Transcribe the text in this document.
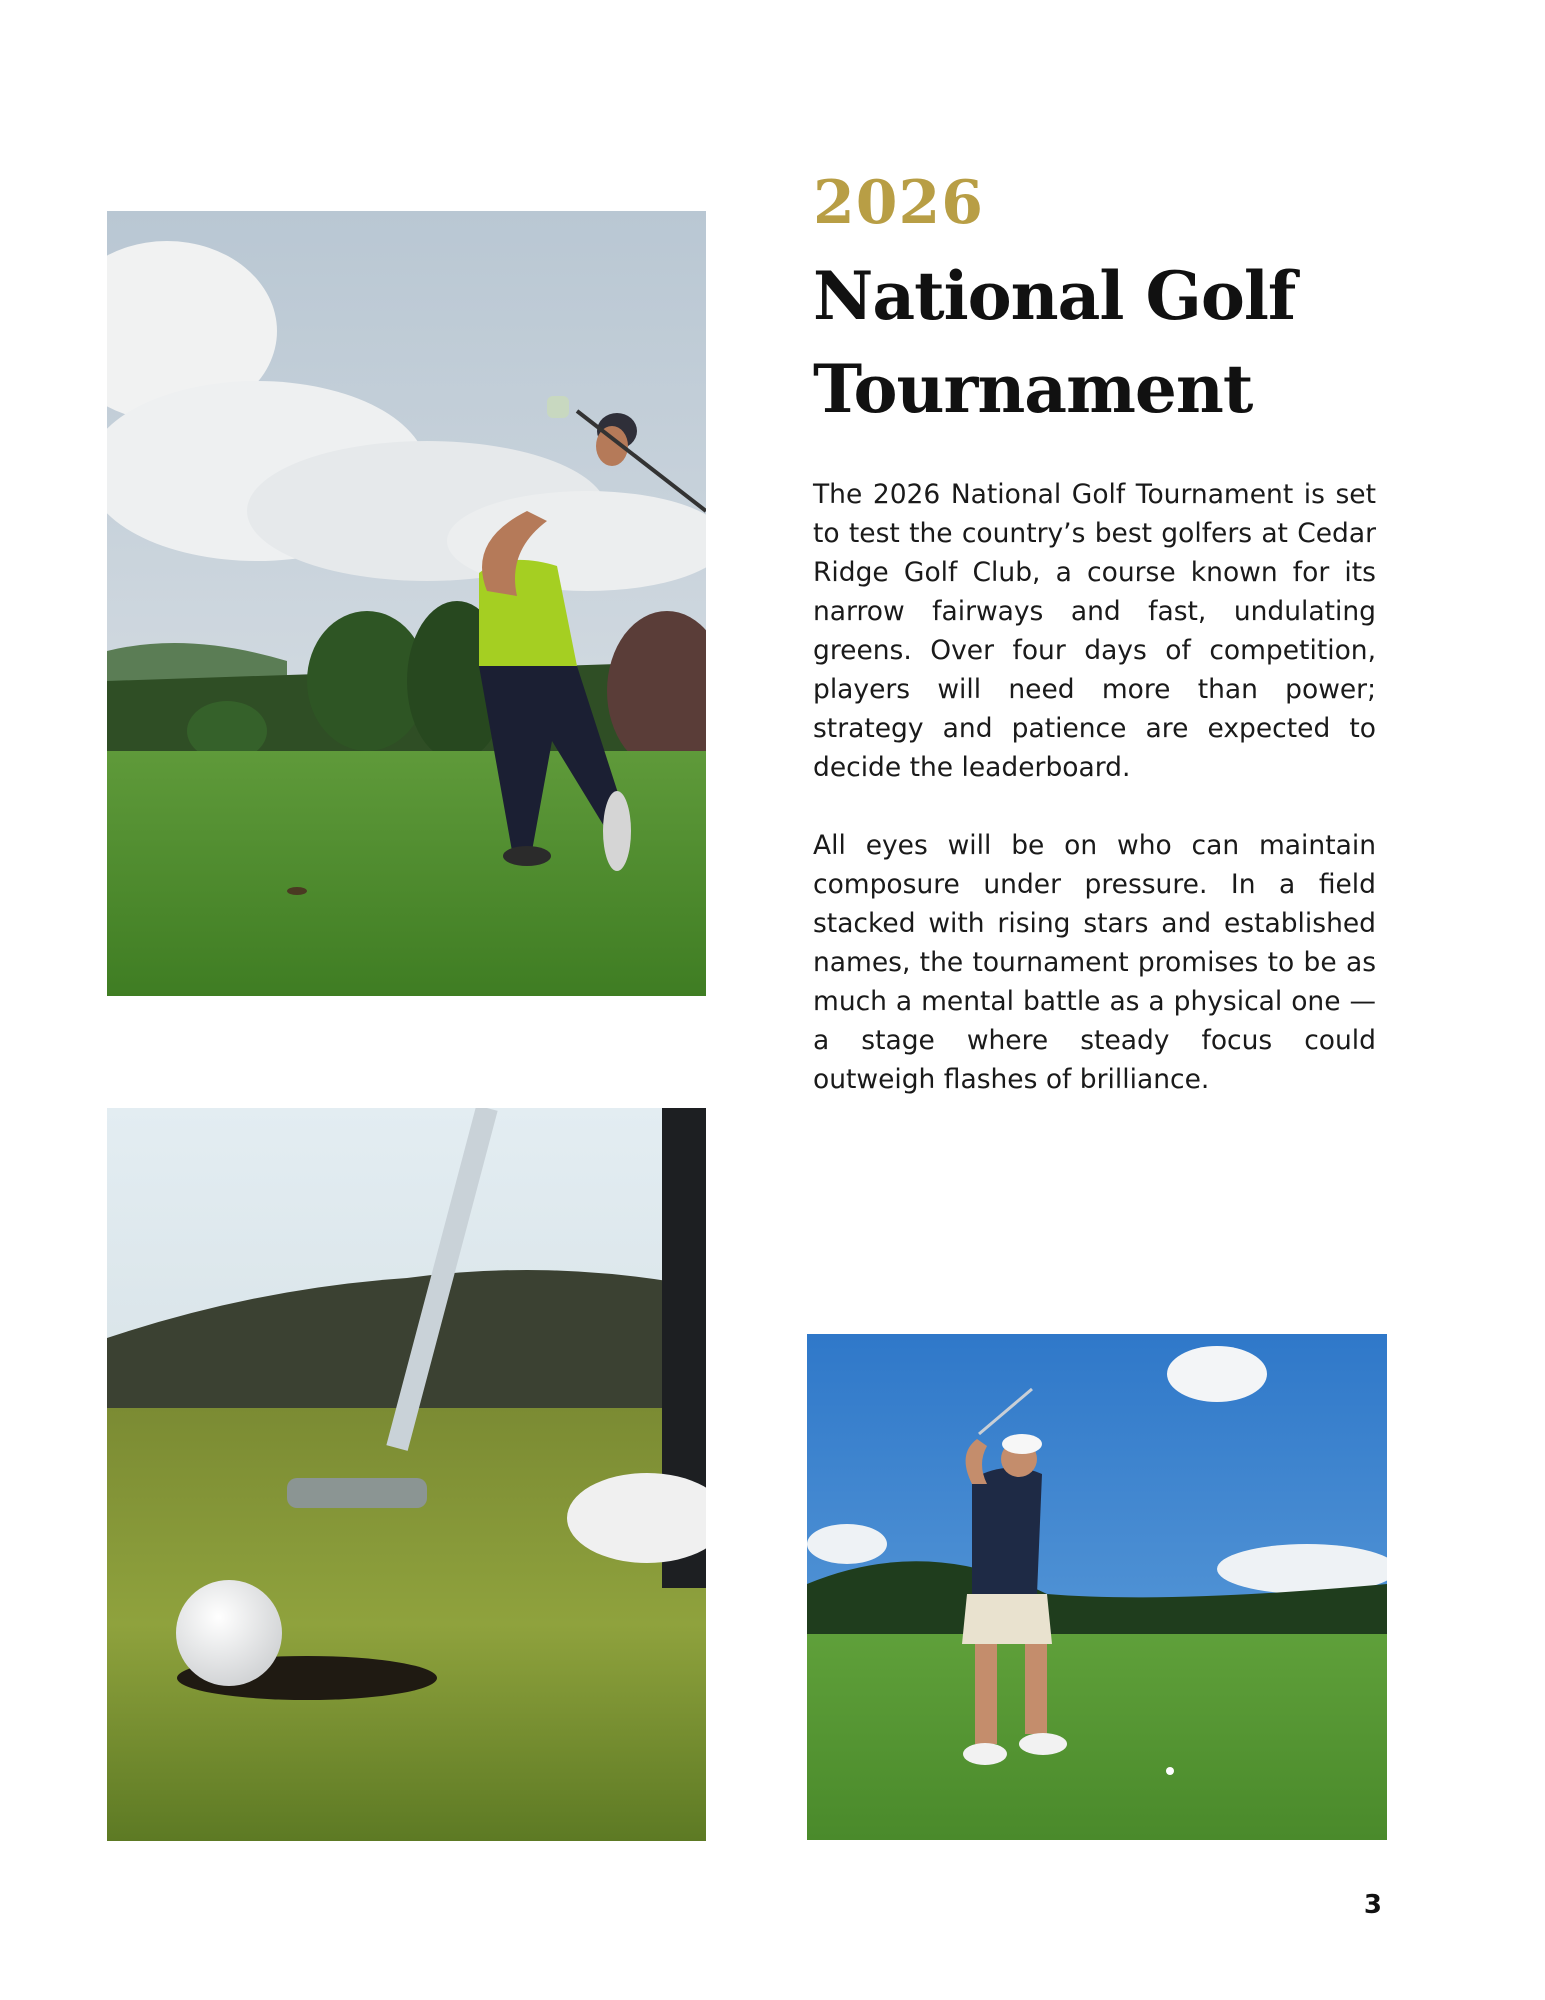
2026
National Golf Tournament

The 2026 National Golf Tournament is set to test the country’s best golfers at Cedar Ridge Golf Club, a course known for its narrow fairways and fast, undulating greens. Over four days of competition, players will need more than power; strategy and patience are expected to decide the leaderboard.

All eyes will be on who can maintain composure under pressure. In a field stacked with rising stars and established names, the tournament promises to be as much a mental battle as a physical one — a stage where steady focus could outweigh flashes of brilliance.

3
